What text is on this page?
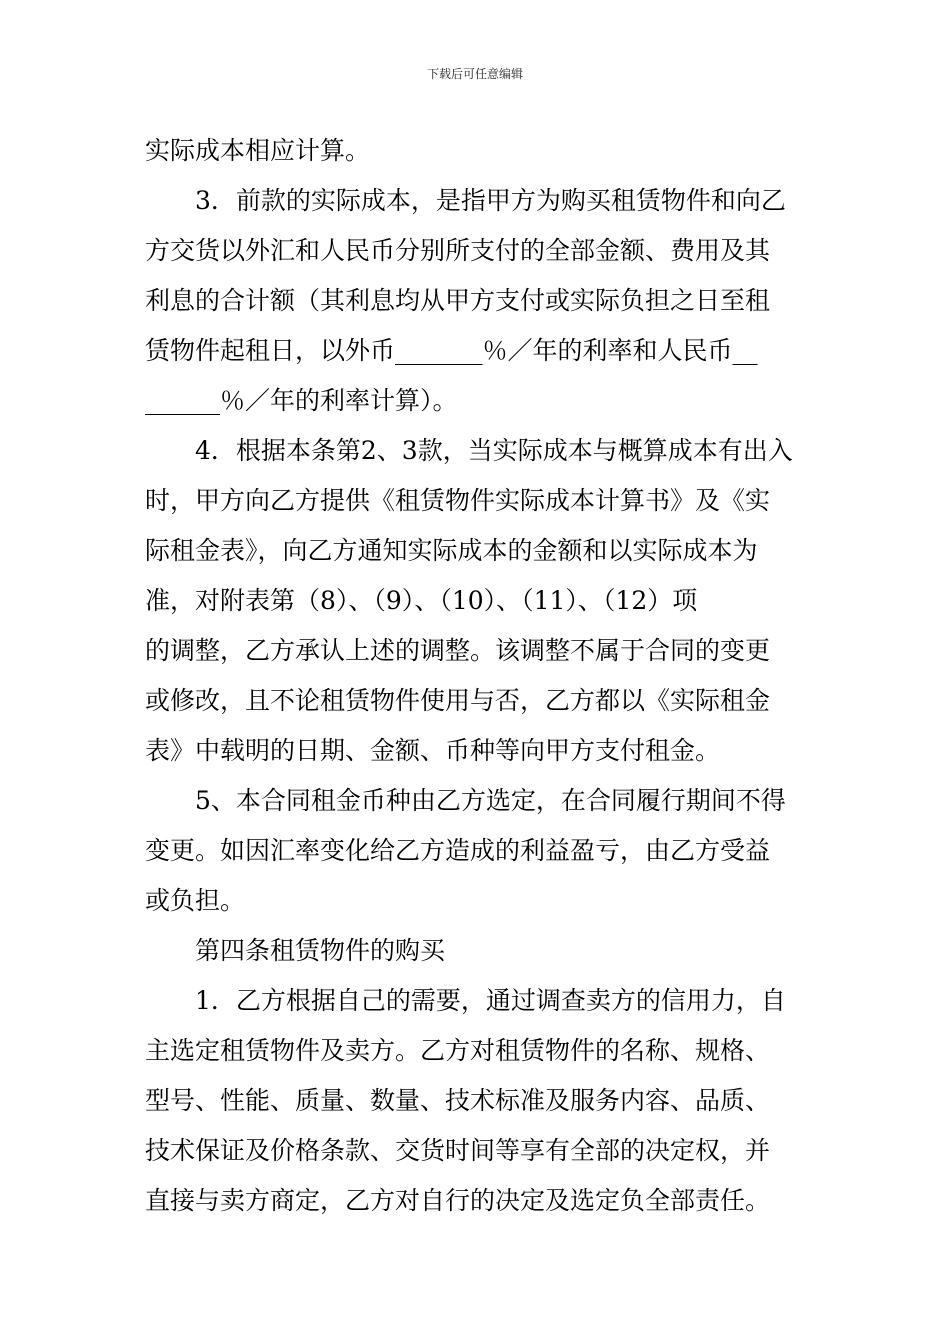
下载后可任意编辑
实际成本相应计算。
3．前款的实际成本，是指甲方为购买租赁物件和向乙
方交货以外汇和人民币分别所支付的全部金额、费用及其
利息的合计额（其利息均从甲方支付或实际负担之日至租
赁物件起租日，以外币_______％／年的利率和人民币__
______％／年的利率计算）。
4．根据本条第2、3款，当实际成本与概算成本有出入
时，甲方向乙方提供《租赁物件实际成本计算书》及《实
际租金表》，向乙方通知实际成本的金额和以实际成本为
准，对附表第（8）、（9）、（10）、（11）、（12）项
的调整，乙方承认上述的调整。该调整不属于合同的变更
或修改，且不论租赁物件使用与否，乙方都以《实际租金
表》中载明的日期、金额、币种等向甲方支付租金。
5、本合同租金币种由乙方选定，在合同履行期间不得
变更。如因汇率变化给乙方造成的利益盈亏，由乙方受益
或负担。
第四条租赁物件的购买
1．乙方根据自己的需要，通过调查卖方的信用力，自
主选定租赁物件及卖方。乙方对租赁物件的名称、规格、
型号、性能、质量、数量、技术标准及服务内容、品质、
技术保证及价格条款、交货时间等享有全部的决定权，并
直接与卖方商定，乙方对自行的决定及选定负全部责任。
